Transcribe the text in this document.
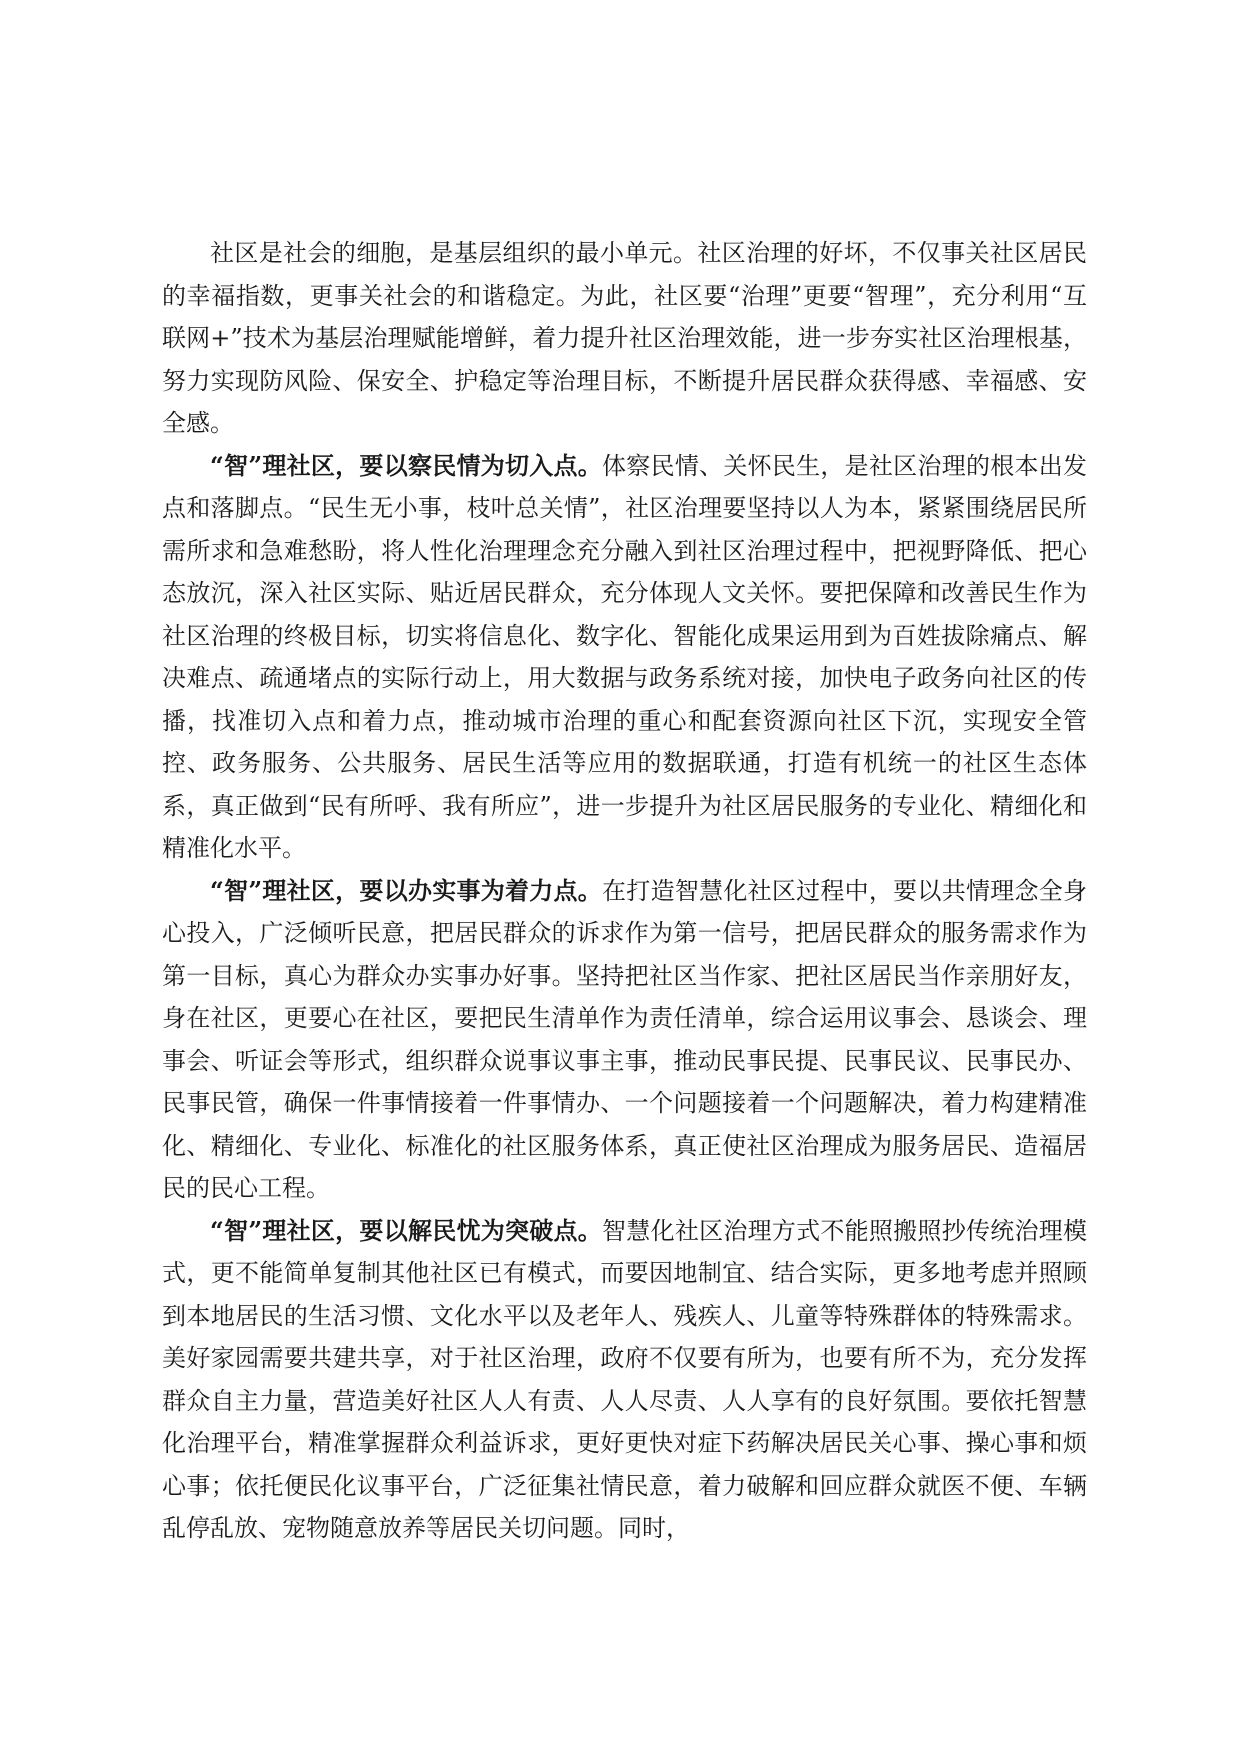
社区是社会的细胞，是基层组织的最小单元。社区治理的好坏，不仅事关社区居民的幸福指数，更事关社会的和谐稳定。为此，社区要“治理”更要“智理”，充分利用“互联网+”技术为基层治理赋能增鲜，着力提升社区治理效能，进一步夯实社区治理根基，努力实现防风险、保安全、护稳定等治理目标，不断提升居民群众获得感、幸福感、安全感。

“智”理社区，要以察民情为切入点。体察民情、关怀民生，是社区治理的根本出发点和落脚点。“民生无小事，枝叶总关情”，社区治理要坚持以人为本，紧紧围绕居民所需所求和急难愁盼，将人性化治理理念充分融入到社区治理过程中，把视野降低、把心态放沉，深入社区实际、贴近居民群众，充分体现人文关怀。要把保障和改善民生作为社区治理的终极目标，切实将信息化、数字化、智能化成果运用到为百姓拔除痛点、解决难点、疏通堵点的实际行动上，用大数据与政务系统对接，加快电子政务向社区的传播，找准切入点和着力点，推动城市治理的重心和配套资源向社区下沉，实现安全管控、政务服务、公共服务、居民生活等应用的数据联通，打造有机统一的社区生态体系，真正做到“民有所呼、我有所应”，进一步提升为社区居民服务的专业化、精细化和精准化水平。

“智”理社区，要以办实事为着力点。在打造智慧化社区过程中，要以共情理念全身心投入，广泛倾听民意，把居民群众的诉求作为第一信号，把居民群众的服务需求作为第一目标，真心为群众办实事办好事。坚持把社区当作家、把社区居民当作亲朋好友，身在社区，更要心在社区，要把民生清单作为责任清单，综合运用议事会、恳谈会、理事会、听证会等形式，组织群众说事议事主事，推动民事民提、民事民议、民事民办、民事民管，确保一件事情接着一件事情办、一个问题接着一个问题解决，着力构建精准化、精细化、专业化、标准化的社区服务体系，真正使社区治理成为服务居民、造福居民的民心工程。

“智”理社区，要以解民忧为突破点。智慧化社区治理方式不能照搬照抄传统治理模式，更不能简单复制其他社区已有模式，而要因地制宜、结合实际，更多地考虑并照顾到本地居民的生活习惯、文化水平以及老年人、残疾人、儿童等特殊群体的特殊需求。美好家园需要共建共享，对于社区治理，政府不仅要有所为，也要有所不为，充分发挥群众自主力量，营造美好社区人人有责、人人尽责、人人享有的良好氛围。要依托智慧化治理平台，精准掌握群众利益诉求，更好更快对症下药解决居民关心事、操心事和烦心事；依托便民化议事平台，广泛征集社情民意，着力破解和回应群众就医不便、车辆乱停乱放、宠物随意放养等居民关切问题。同时，
